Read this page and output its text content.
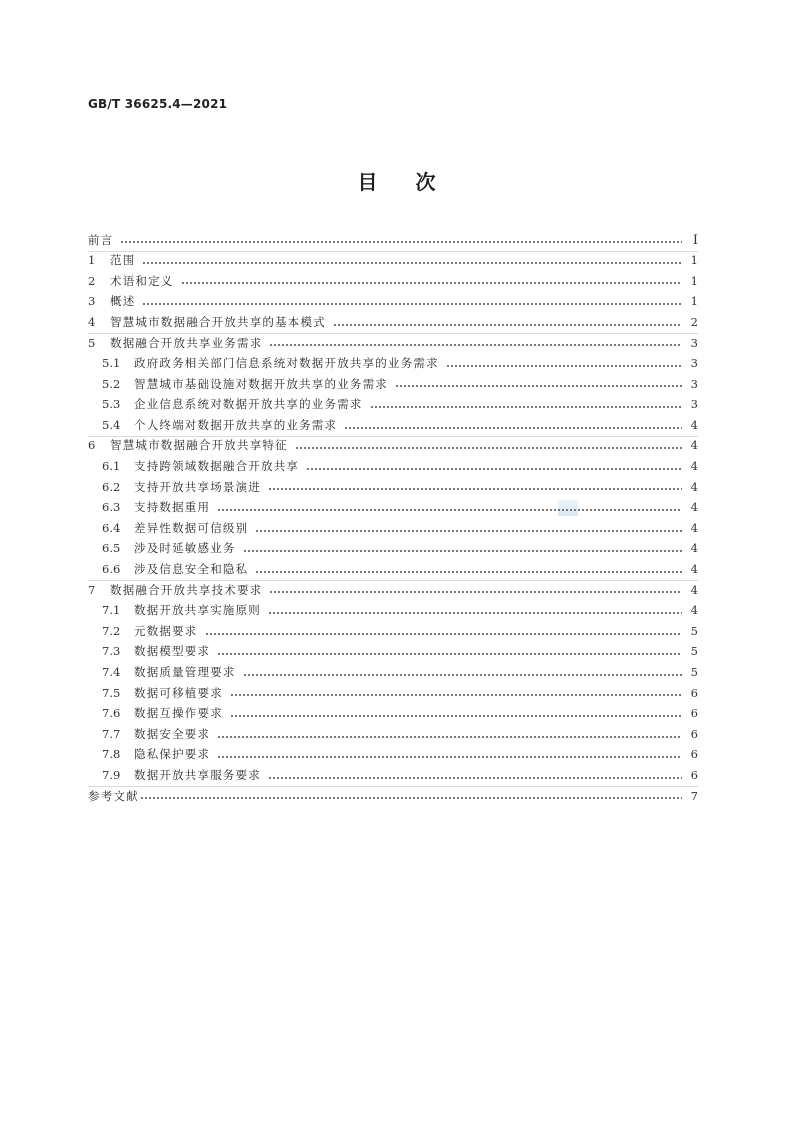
GB/T 36625.4—2021
目次
前言	Ⅰ
1	范围	1
2	术语和定义	1
3	概述	1
4	智慧城市数据融合开放共享的基本模式	2
5	数据融合开放共享业务需求	3
5.1	政府政务相关部门信息系统对数据开放共享的业务需求	3
5.2	智慧城市基础设施对数据开放共享的业务需求	3
5.3	企业信息系统对数据开放共享的业务需求	3
5.4	个人终端对数据开放共享的业务需求	4
6	智慧城市数据融合开放共享特征	4
6.1	支持跨领域数据融合开放共享	4
6.2	支持开放共享场景演进	4
6.3	支持数据重用	4
6.4	差异性数据可信级别	4
6.5	涉及时延敏感业务	4
6.6	涉及信息安全和隐私	4
7	数据融合开放共享技术要求	4
7.1	数据开放共享实施原则	4
7.2	元数据要求	5
7.3	数据模型要求	5
7.4	数据质量管理要求	5
7.5	数据可移植要求	6
7.6	数据互操作要求	6
7.7	数据安全要求	6
7.8	隐私保护要求	6
7.9	数据开放共享服务要求	6
参考文献	7
